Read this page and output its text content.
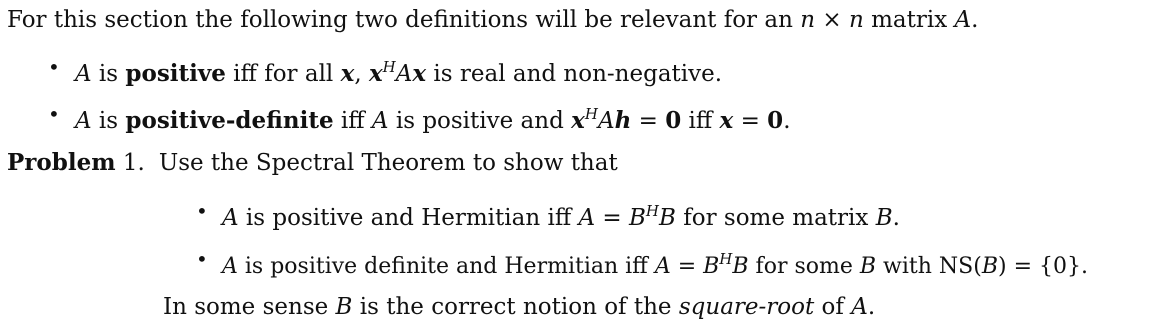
For this section the following two definitions will be relevant for an n × n matrix A.
• A is positive iff for all x, $x^HAx$ is real and non-negative.
• A is positive-definite iff A is positive and $x^HAh = 0$ iff x = 0.
Problem 1. Use the Spectral Theorem to show that
• A is positive and Hermitian iff $A = B^HB$ for some matrix B.
• A is positive definite and Hermitian iff $A = B^HB$ for some B with NS(B) = {0}.
In some sense B is the correct notion of the square-root of A.
